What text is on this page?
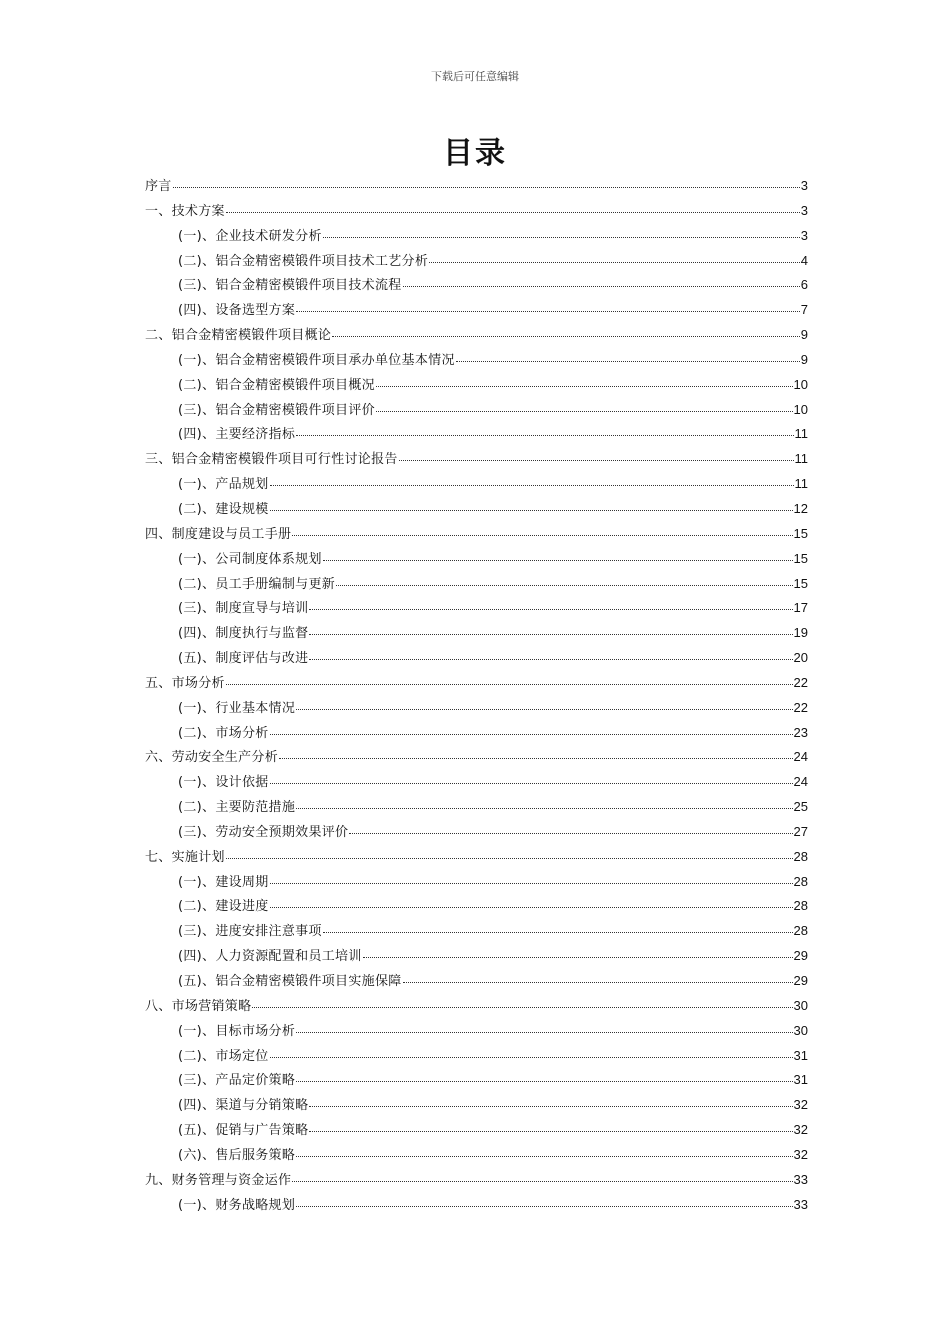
下载后可任意编辑
目录
序言	3
一、技术方案	3
(一)、企业技术研发分析	3
(二)、铝合金精密模锻件项目技术工艺分析	4
(三)、铝合金精密模锻件项目技术流程	6
(四)、设备选型方案	7
二、铝合金精密模锻件项目概论	9
(一)、铝合金精密模锻件项目承办单位基本情况	9
(二)、铝合金精密模锻件项目概况	10
(三)、铝合金精密模锻件项目评价	10
(四)、主要经济指标	11
三、铝合金精密模锻件项目可行性讨论报告	11
(一)、产品规划	11
(二)、建设规模	12
四、制度建设与员工手册	15
(一)、公司制度体系规划	15
(二)、员工手册编制与更新	15
(三)、制度宣导与培训	17
(四)、制度执行与监督	19
(五)、制度评估与改进	20
五、市场分析	22
(一)、行业基本情况	22
(二)、市场分析	23
六、劳动安全生产分析	24
(一)、设计依据	24
(二)、主要防范措施	25
(三)、劳动安全预期效果评价	27
七、实施计划	28
(一)、建设周期	28
(二)、建设进度	28
(三)、进度安排注意事项	28
(四)、人力资源配置和员工培训	29
(五)、铝合金精密模锻件项目实施保障	29
八、市场营销策略	30
(一)、目标市场分析	30
(二)、市场定位	31
(三)、产品定价策略	31
(四)、渠道与分销策略	32
(五)、促销与广告策略	32
(六)、售后服务策略	32
九、财务管理与资金运作	33
(一)、财务战略规划	33
